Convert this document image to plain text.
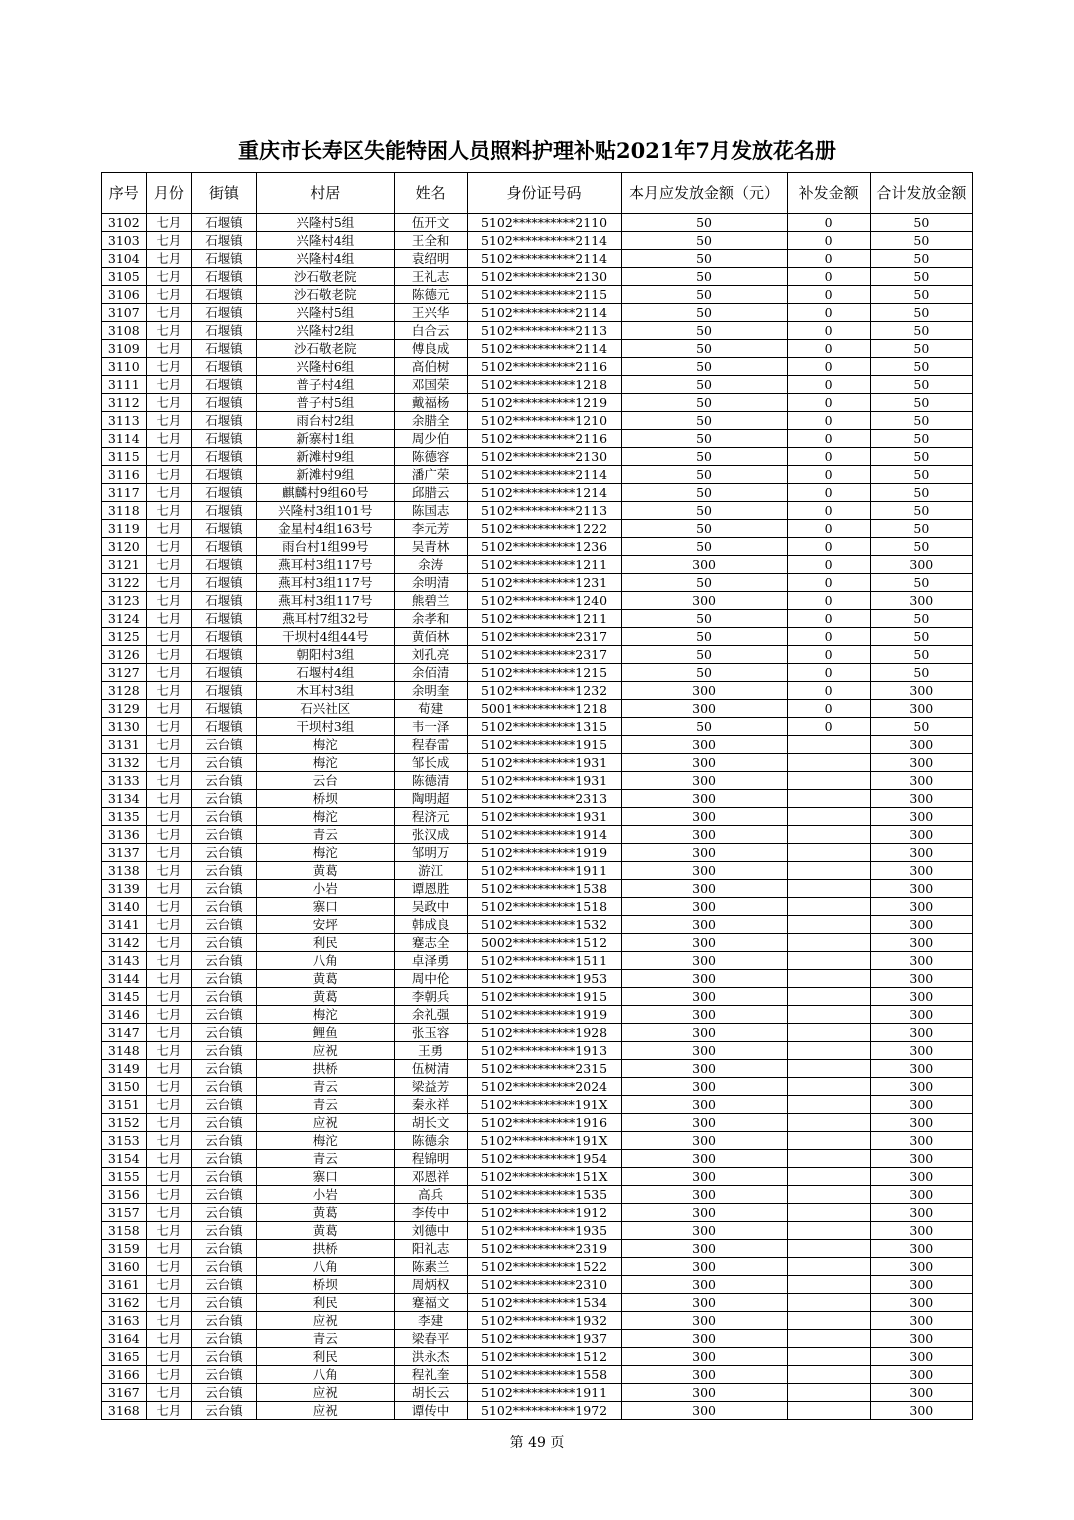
重庆市长寿区失能特困人员照料护理补贴2021年7月发放花名册
序号	月份	街镇	村居	姓名	身份证号码	本月应发放金额（元）	补发金额	合计发放金额
3102	七月	石堰镇	兴隆村5组	伍开文	5102**********2110	50	0	50
3103	七月	石堰镇	兴隆村4组	王全和	5102**********2114	50	0	50
3104	七月	石堰镇	兴隆村4组	袁绍明	5102**********2114	50	0	50
3105	七月	石堰镇	沙石敬老院	王礼志	5102**********2130	50	0	50
3106	七月	石堰镇	沙石敬老院	陈德元	5102**********2115	50	0	50
3107	七月	石堰镇	兴隆村5组	王兴华	5102**********2114	50	0	50
3108	七月	石堰镇	兴隆村2组	白合云	5102**********2113	50	0	50
3109	七月	石堰镇	沙石敬老院	傅良成	5102**********2114	50	0	50
3110	七月	石堰镇	兴隆村6组	高伯树	5102**********2116	50	0	50
3111	七月	石堰镇	普子村4组	邓国荣	5102**********1218	50	0	50
3112	七月	石堰镇	普子村5组	戴福杨	5102**********1219	50	0	50
3113	七月	石堰镇	雨台村2组	余腊全	5102**********1210	50	0	50
3114	七月	石堰镇	新寨村1组	周少伯	5102**********2116	50	0	50
3115	七月	石堰镇	新滩村9组	陈德容	5102**********2130	50	0	50
3116	七月	石堰镇	新滩村9组	潘广荣	5102**********2114	50	0	50
3117	七月	石堰镇	麒麟村9组60号	邱腊云	5102**********1214	50	0	50
3118	七月	石堰镇	兴隆村3组101号	陈国志	5102**********2113	50	0	50
3119	七月	石堰镇	金星村4组163号	李元芳	5102**********1222	50	0	50
3120	七月	石堰镇	雨台村1组99号	吴青林	5102**********1236	50	0	50
3121	七月	石堰镇	燕耳村3组117号	余涛	5102**********1211	300	0	300
3122	七月	石堰镇	燕耳村3组117号	余明清	5102**********1231	50	0	50
3123	七月	石堰镇	燕耳村3组117号	熊碧兰	5102**********1240	300	0	300
3124	七月	石堰镇	燕耳村7组32号	余孝和	5102**********1211	50	0	50
3125	七月	石堰镇	干坝村4组44号	黄佰林	5102**********2317	50	0	50
3126	七月	石堰镇	朝阳村3组	刘孔亮	5102**********2317	50	0	50
3127	七月	石堰镇	石堰村4组	余佰清	5102**********1215	50	0	50
3128	七月	石堰镇	木耳村3组	余明奎	5102**********1232	300	0	300
3129	七月	石堰镇	石兴社区	荀建	5001**********1218	300	0	300
3130	七月	石堰镇	干坝村3组	韦一泽	5102**********1315	50	0	50
3131	七月	云台镇	梅沱	程春雷	5102**********1915	300		300
3132	七月	云台镇	梅沱	邹长成	5102**********1931	300		300
3133	七月	云台镇	云台	陈德清	5102**********1931	300		300
3134	七月	云台镇	桥坝	陶明超	5102**********2313	300		300
3135	七月	云台镇	梅沱	程济元	5102**********1931	300		300
3136	七月	云台镇	青云	张汉成	5102**********1914	300		300
3137	七月	云台镇	梅沱	邹明万	5102**********1919	300		300
3138	七月	云台镇	黄葛	游江	5102**********1911	300		300
3139	七月	云台镇	小岩	谭恩胜	5102**********1538	300		300
3140	七月	云台镇	寨口	吴政中	5102**********1518	300		300
3141	七月	云台镇	安坪	韩成良	5102**********1532	300		300
3142	七月	云台镇	利民	蹇志全	5002**********1512	300		300
3143	七月	云台镇	八角	卓泽勇	5102**********1511	300		300
3144	七月	云台镇	黄葛	周中伦	5102**********1953	300		300
3145	七月	云台镇	黄葛	李朝兵	5102**********1915	300		300
3146	七月	云台镇	梅沱	余礼强	5102**********1919	300		300
3147	七月	云台镇	鲤鱼	张玉容	5102**********1928	300		300
3148	七月	云台镇	应祝	王勇	5102**********1913	300		300
3149	七月	云台镇	拱桥	伍树清	5102**********2315	300		300
3150	七月	云台镇	青云	梁益芳	5102**********2024	300		300
3151	七月	云台镇	青云	秦永祥	5102**********191X	300		300
3152	七月	云台镇	应祝	胡长文	5102**********1916	300		300
3153	七月	云台镇	梅沱	陈德余	5102**********191X	300		300
3154	七月	云台镇	青云	程锦明	5102**********1954	300		300
3155	七月	云台镇	寨口	邓恩祥	5102**********151X	300		300
3156	七月	云台镇	小岩	高兵	5102**********1535	300		300
3157	七月	云台镇	黄葛	李传中	5102**********1912	300		300
3158	七月	云台镇	黄葛	刘德中	5102**********1935	300		300
3159	七月	云台镇	拱桥	阳礼志	5102**********2319	300		300
3160	七月	云台镇	八角	陈素兰	5102**********1522	300		300
3161	七月	云台镇	桥坝	周炳权	5102**********2310	300		300
3162	七月	云台镇	利民	蹇福文	5102**********1534	300		300
3163	七月	云台镇	应祝	李建	5102**********1932	300		300
3164	七月	云台镇	青云	梁春平	5102**********1937	300		300
3165	七月	云台镇	利民	洪永杰	5102**********1512	300		300
3166	七月	云台镇	八角	程礼奎	5102**********1558	300		300
3167	七月	云台镇	应祝	胡长云	5102**********1911	300		300
3168	七月	云台镇	应祝	谭传中	5102**********1972	300		300
第 49 页
